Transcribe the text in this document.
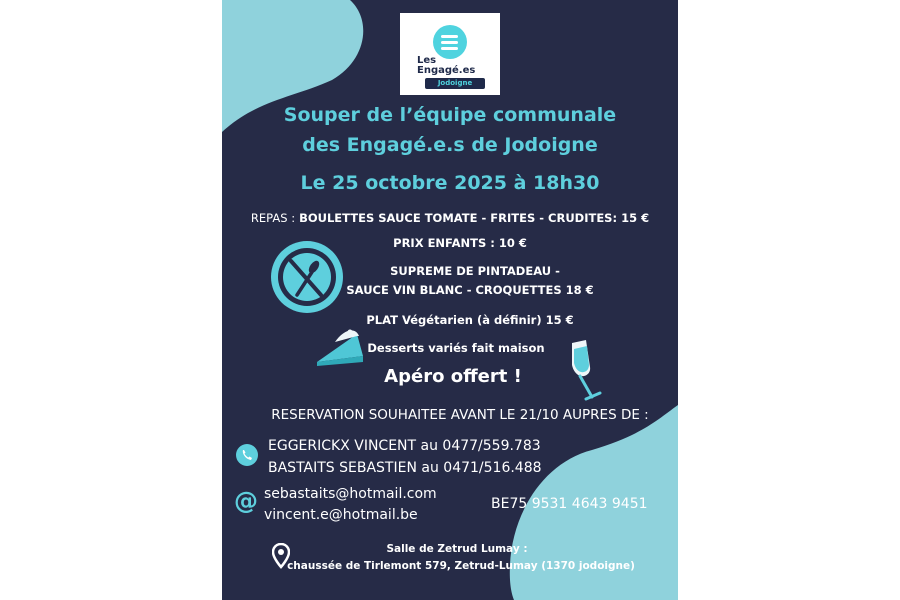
Les
Engagé.es
Jodoigne
Souper de l’équipe communale
des Engagé.e.s de Jodoigne
Le 25 octobre 2025 à 18h30
REPAS : BOULETTES SAUCE TOMATE - FRITES - CRUDITES: 15 €
PRIX ENFANTS : 10 €
SUPREME DE PINTADEAU -
SAUCE VIN BLANC - CROQUETTES 18 €
PLAT Végétarien (à définir) 15 €
Desserts variés fait maison
Apéro offert !
RESERVATION SOUHAITEE AVANT LE 21/10 AUPRES DE :
EGGERICKX VINCENT au 0477/559.783
BASTAITS SEBASTIEN au 0471/516.488
@ sebastaits@hotmail.com
vincent.e@hotmail.be
BE75 9531 4643 9451
Salle de Zetrud Lumay :
chaussée de Tirlemont 579, Zetrud-Lumay (1370 jodoigne)
